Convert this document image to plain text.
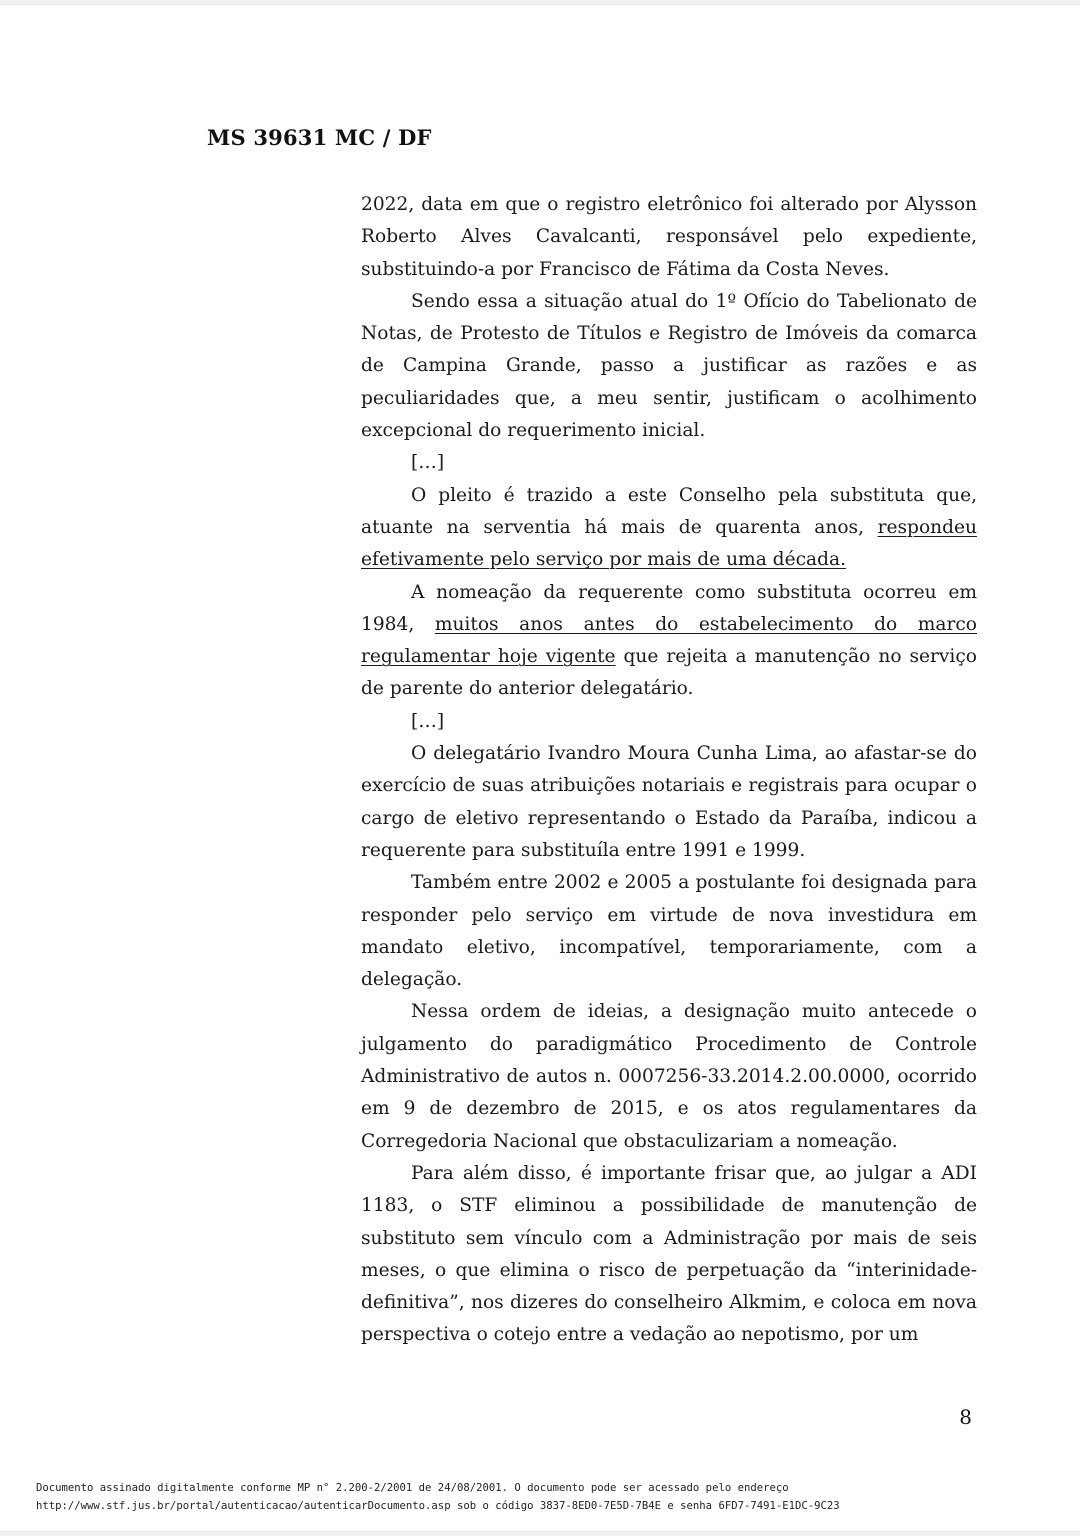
MS 39631 MC / DF

2022, data em que o registro eletrônico foi alterado por Alysson Roberto Alves Cavalcanti, responsável pelo expediente, substituindo-a por Francisco de Fátima da Costa Neves.

Sendo essa a situação atual do 1º Ofício do Tabelionato de Notas, de Protesto de Títulos e Registro de Imóveis da comarca de Campina Grande, passo a justificar as razões e as peculiaridades que, a meu sentir, justificam o acolhimento excepcional do requerimento inicial.

[…]

O pleito é trazido a este Conselho pela substituta que, atuante na serventia há mais de quarenta anos, respondeu efetivamente pelo serviço por mais de uma década.

A nomeação da requerente como substituta ocorreu em 1984, muitos anos antes do estabelecimento do marco regulamentar hoje vigente que rejeita a manutenção no serviço de parente do anterior delegatário.

[…]

O delegatário Ivandro Moura Cunha Lima, ao afastar-se do exercício de suas atribuições notariais e registrais para ocupar o cargo de eletivo representando o Estado da Paraíba, indicou a requerente para substituíla entre 1991 e 1999.

Também entre 2002 e 2005 a postulante foi designada para responder pelo serviço em virtude de nova investidura em mandato eletivo, incompatível, temporariamente, com a delegação.

Nessa ordem de ideias, a designação muito antecede o julgamento do paradigmático Procedimento de Controle Administrativo de autos n. 0007256-33.2014.2.00.0000, ocorrido em 9 de dezembro de 2015, e os atos regulamentares da Corregedoria Nacional que obstaculizariam a nomeação.

Para além disso, é importante frisar que, ao julgar a ADI 1183, o STF eliminou a possibilidade de manutenção de substituto sem vínculo com a Administração por mais de seis meses, o que elimina o risco de perpetuação da “interinidade-definitiva”, nos dizeres do conselheiro Alkmim, e coloca em nova perspectiva o cotejo entre a vedação ao nepotismo, por um

8
Documento assinado digitalmente conforme MP n° 2.200-2/2001 de 24/08/2001. O documento pode ser acessado pelo endereço
http://www.stf.jus.br/portal/autenticacao/autenticarDocumento.asp sob o código 3837-8ED0-7E5D-7B4E e senha 6FD7-7491-E1DC-9C23
